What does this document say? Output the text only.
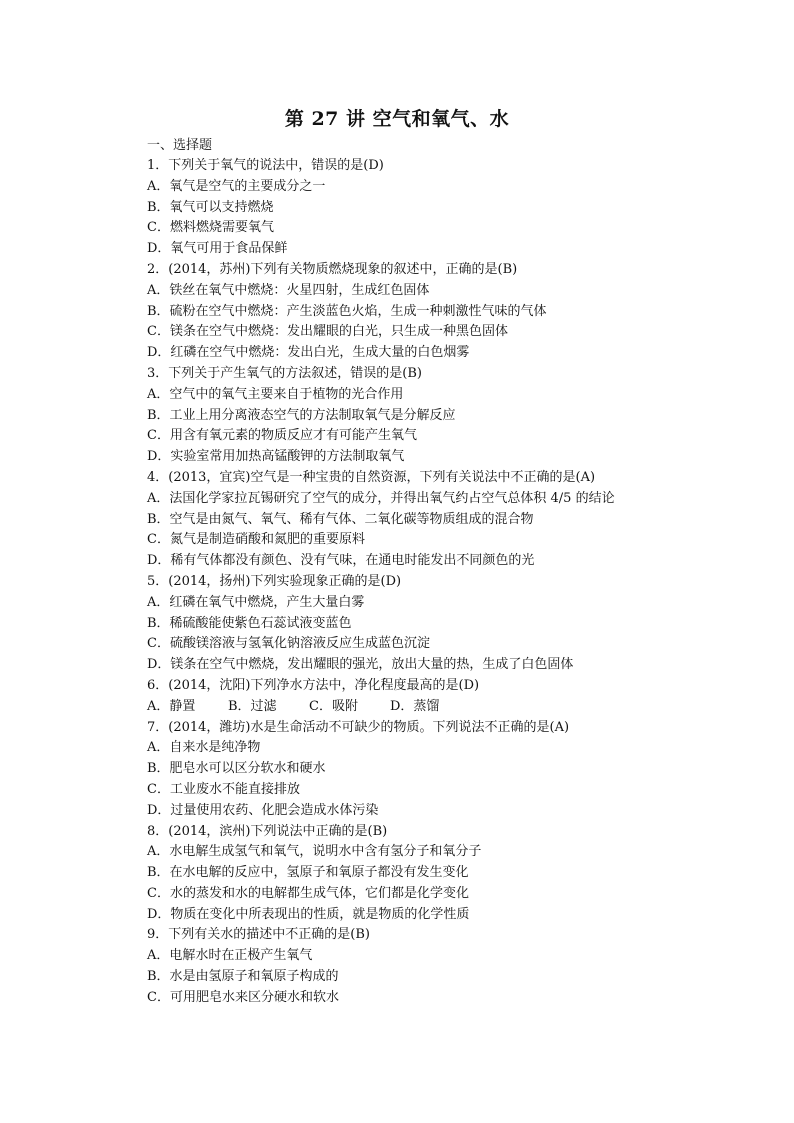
第 27 讲 空气和氧气、水
一、选择题
1．下列关于氧气的说法中，错误的是(D)
A．氧气是空气的主要成分之一
B．氧气可以支持燃烧
C．燃料燃烧需要氧气
D．氧气可用于食品保鲜
2．(2014，苏州)下列有关物质燃烧现象的叙述中，正确的是(B)
A．铁丝在氧气中燃烧：火星四射，生成红色固体
B．硫粉在空气中燃烧：产生淡蓝色火焰，生成一种刺激性气味的气体
C．镁条在空气中燃烧：发出耀眼的白光，只生成一种黑色固体
D．红磷在空气中燃烧：发出白光，生成大量的白色烟雾
3．下列关于产生氧气的方法叙述，错误的是(B)
A．空气中的氧气主要来自于植物的光合作用
B．工业上用分离液态空气的方法制取氧气是分解反应
C．用含有氧元素的物质反应才有可能产生氧气
D．实验室常用加热高锰酸钾的方法制取氧气
4．(2013，宜宾)空气是一种宝贵的自然资源，下列有关说法中不正确的是(A)
A．法国化学家拉瓦锡研究了空气的成分，并得出氧气约占空气总体积 4/5 的结论
B．空气是由氮气、氧气、稀有气体、二氧化碳等物质组成的混合物
C．氮气是制造硝酸和氮肥的重要原料
D．稀有气体都没有颜色、没有气味，在通电时能发出不同颜色的光
5．(2014，扬州)下列实验现象正确的是(D)
A．红磷在氧气中燃烧，产生大量白雾
B．稀硫酸能使紫色石蕊试液变蓝色
C．硫酸镁溶液与氢氧化钠溶液反应生成蓝色沉淀
D．镁条在空气中燃烧，发出耀眼的强光，放出大量的热，生成了白色固体
6．(2014，沈阳)下列净水方法中，净化程度最高的是(D)
A．静置	B．过滤	C．吸附	D．蒸馏
7．(2014，潍坊)水是生命活动不可缺少的物质。下列说法不正确的是(A)
A．自来水是纯净物
B．肥皂水可以区分软水和硬水
C．工业废水不能直接排放
D．过量使用农药、化肥会造成水体污染
8．(2014，滨州)下列说法中正确的是(B)
A．水电解生成氢气和氧气，说明水中含有氢分子和氧分子
B．在水电解的反应中，氢原子和氧原子都没有发生变化
C．水的蒸发和水的电解都生成气体，它们都是化学变化
D．物质在变化中所表现出的性质，就是物质的化学性质
9．下列有关水的描述中不正确的是(B)
A．电解水时在正极产生氧气
B．水是由氢原子和氧原子构成的
C．可用肥皂水来区分硬水和软水
